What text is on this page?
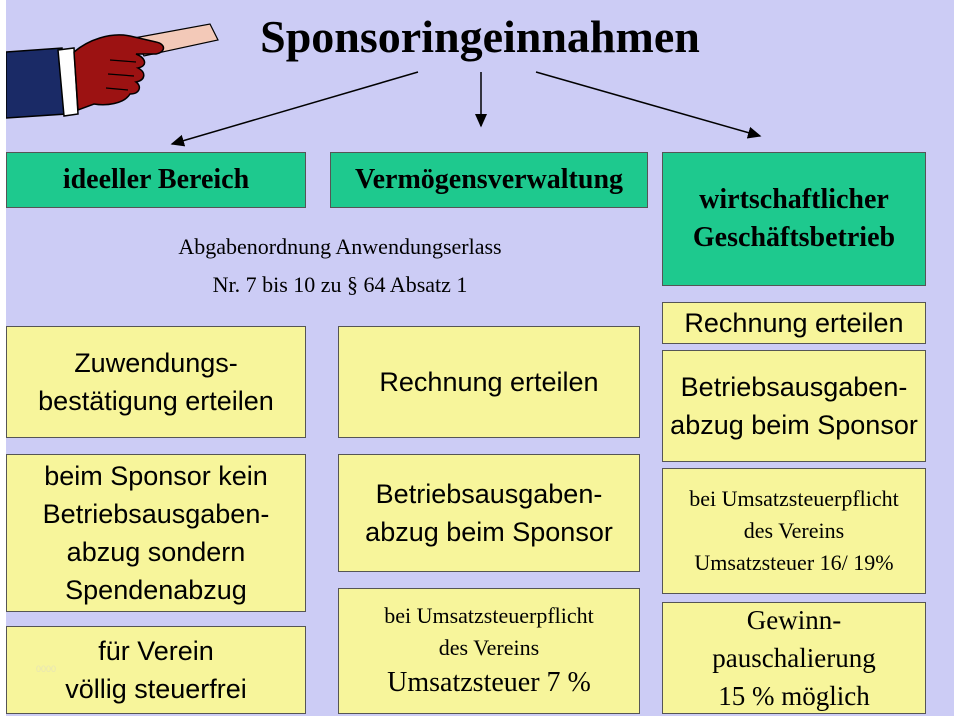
Sponsoringeinnahmen
ideeller Bereich	Vermögensverwaltung
wirtschaftlicher
Geschäftsbetrieb
Abgabenordnung Anwendungserlass
Nr. 7 bis 10 zu § 64 Absatz 1
Zuwendungs-
bestätigung erteilen
beim Sponsor kein
Betriebsausgaben-
abzug sondern
Spendenabzug
für Verein
völlig steuerfrei
0000
Rechnung erteilen
Betriebsausgaben-
abzug beim Sponsor
bei Umsatzsteuerpflicht
des Vereins
Umsatzsteuer 7 %
Rechnung erteilen
Betriebsausgaben-
abzug beim Sponsor
bei Umsatzsteuerpflicht
des Vereins
Umsatzsteuer 16/ 19%
Gewinn-
pauschalierung
15 % möglich
